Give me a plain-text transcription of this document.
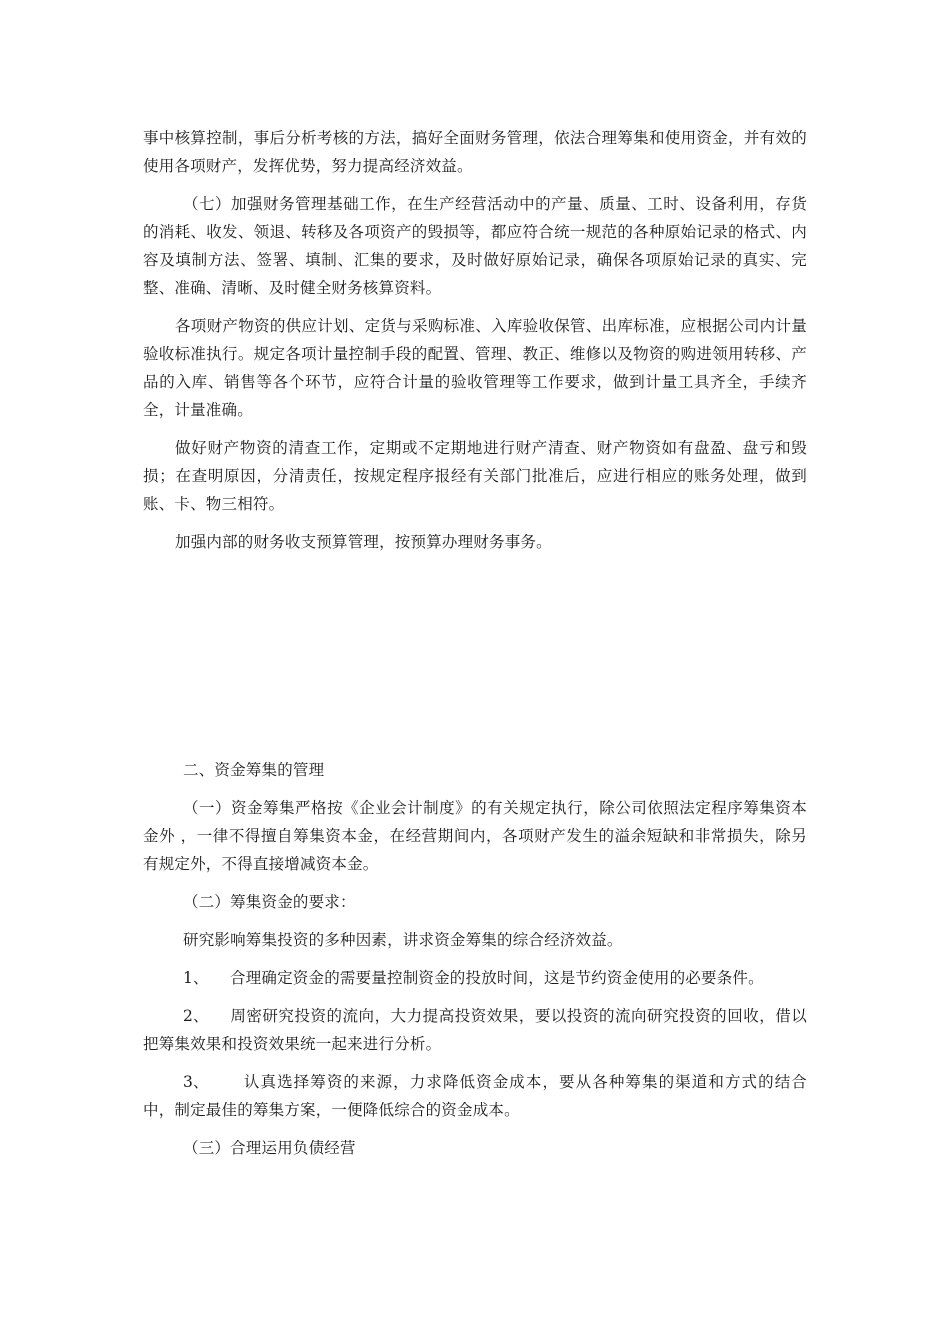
事中核算控制，事后分析考核的方法，搞好全面财务管理，依法合理筹集和使用资金，并有效的使用各项财产，发挥优势，努力提高经济效益。

（七）加强财务管理基础工作，在生产经营活动中的产量、质量、工时、设备利用，存货的消耗、收发、领退、转移及各项资产的毁损等，都应符合统一规范的各种原始记录的格式、内容及填制方法、签署、填制、汇集的要求，及时做好原始记录，确保各项原始记录的真实、完整、准确、清晰、及时健全财务核算资料。

各项财产物资的供应计划、定货与采购标准、入库验收保管、出库标准，应根据公司内计量验收标准执行。规定各项计量控制手段的配置、管理、教正、维修以及物资的购进领用转移、产品的入库、销售等各个环节，应符合计量的验收管理等工作要求，做到计量工具齐全，手续齐全，计量准确。

做好财产物资的清查工作，定期或不定期地进行财产清查、财产物资如有盘盈、盘亏和毁损；在查明原因，分清责任，按规定程序报经有关部门批准后，应进行相应的账务处理，做到账、卡、物三相符。

加强内部的财务收支预算管理，按预算办理财务事务。

二、资金筹集的管理

（一）资金筹集严格按《企业会计制度》的有关规定执行，除公司依照法定程序筹集资本金外 ，一律不得擅自筹集资本金，在经营期间内，各项财产发生的溢余短缺和非常损失，除另有规定外，不得直接增减资本金。

（二）筹集资金的要求：

研究影响筹集投资的多种因素，讲求资金筹集的综合经济效益。

1、 合理确定资金的需要量控制资金的投放时间，这是节约资金使用的必要条件。

2、 周密研究投资的流向，大力提高投资效果，要以投资的流向研究投资的回收，借以把筹集效果和投资效果统一起来进行分析。

3、 认真选择筹资的来源，力求降低资金成本，要从各种筹集的渠道和方式的结合中，制定最佳的筹集方案，一便降低综合的资金成本。

（三）合理运用负债经营
